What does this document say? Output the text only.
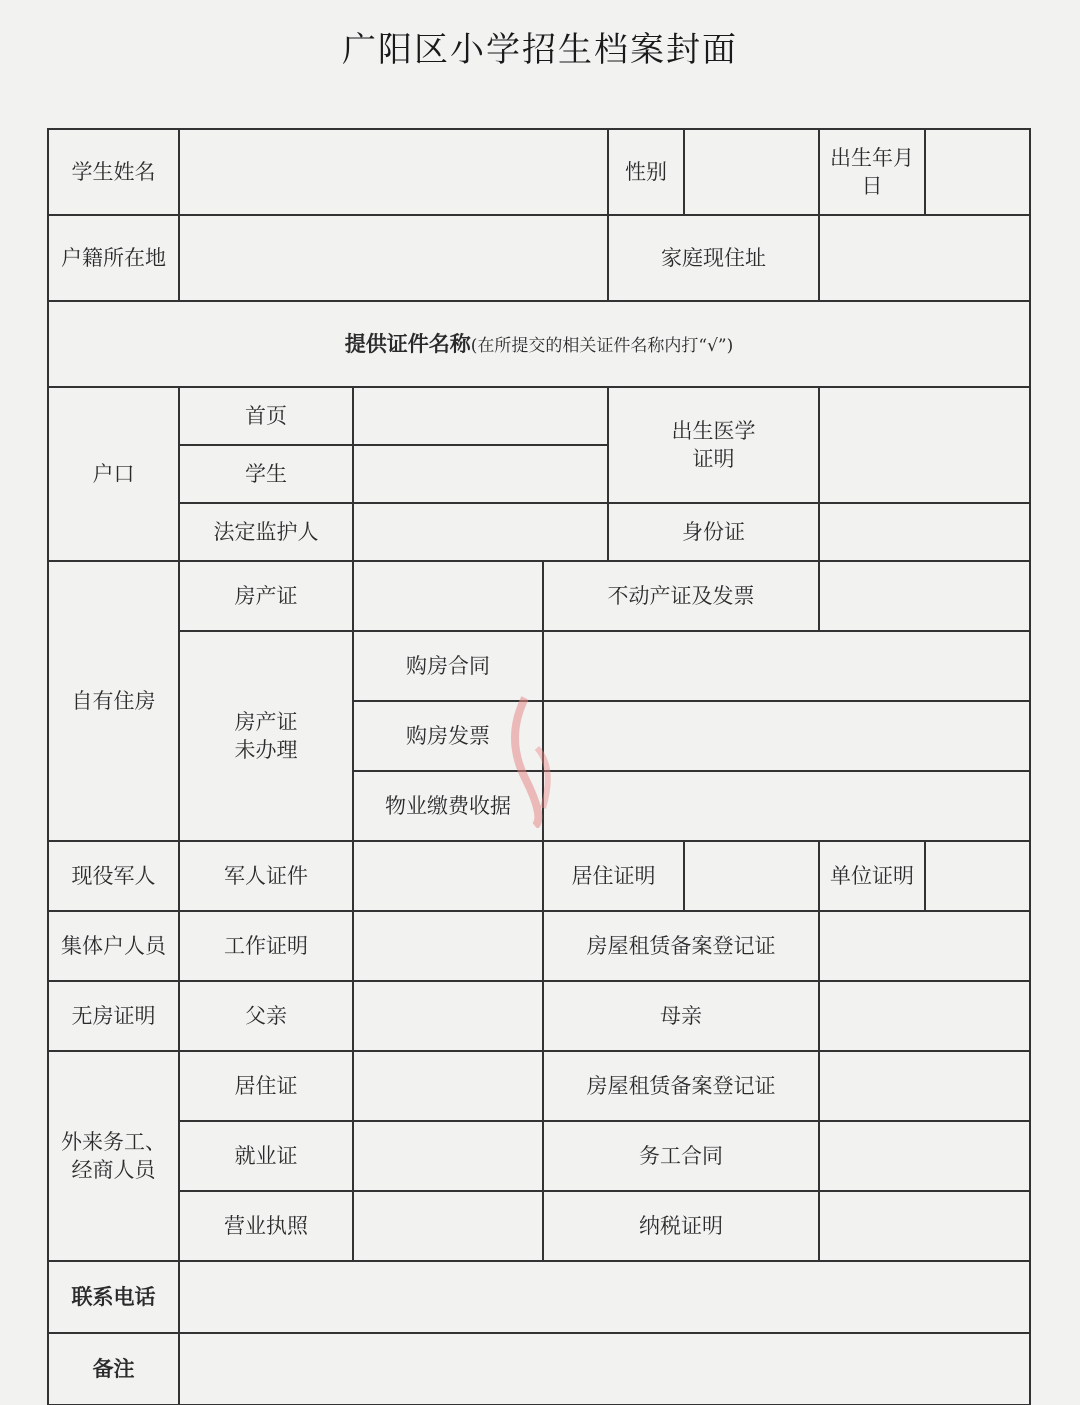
广阳区小学招生档案封面
学生姓名				性别		出生年月日	
户籍所在地				家庭现住址			
提供证件名称(在所提交的相关证件名称内打“√”)							
户口	首页			出生医学证明			

	学生						
	法定监护人			身份证			
自有住房	房产证		不动产证及发票				

	房产证未办理	购房合同					
		购房发票					
		物业缴费收据					
现役军人	军人证件		居住证明			单位证明	
集体户人员	工作证明		房屋租赁备案登记证				
无房证明	父亲		母亲				

外来务工、经商人员	居住证		房屋租赁备案登记证				
	就业证		务工合同				
	营业执照		纳税证明				
联系电话							
备注							
